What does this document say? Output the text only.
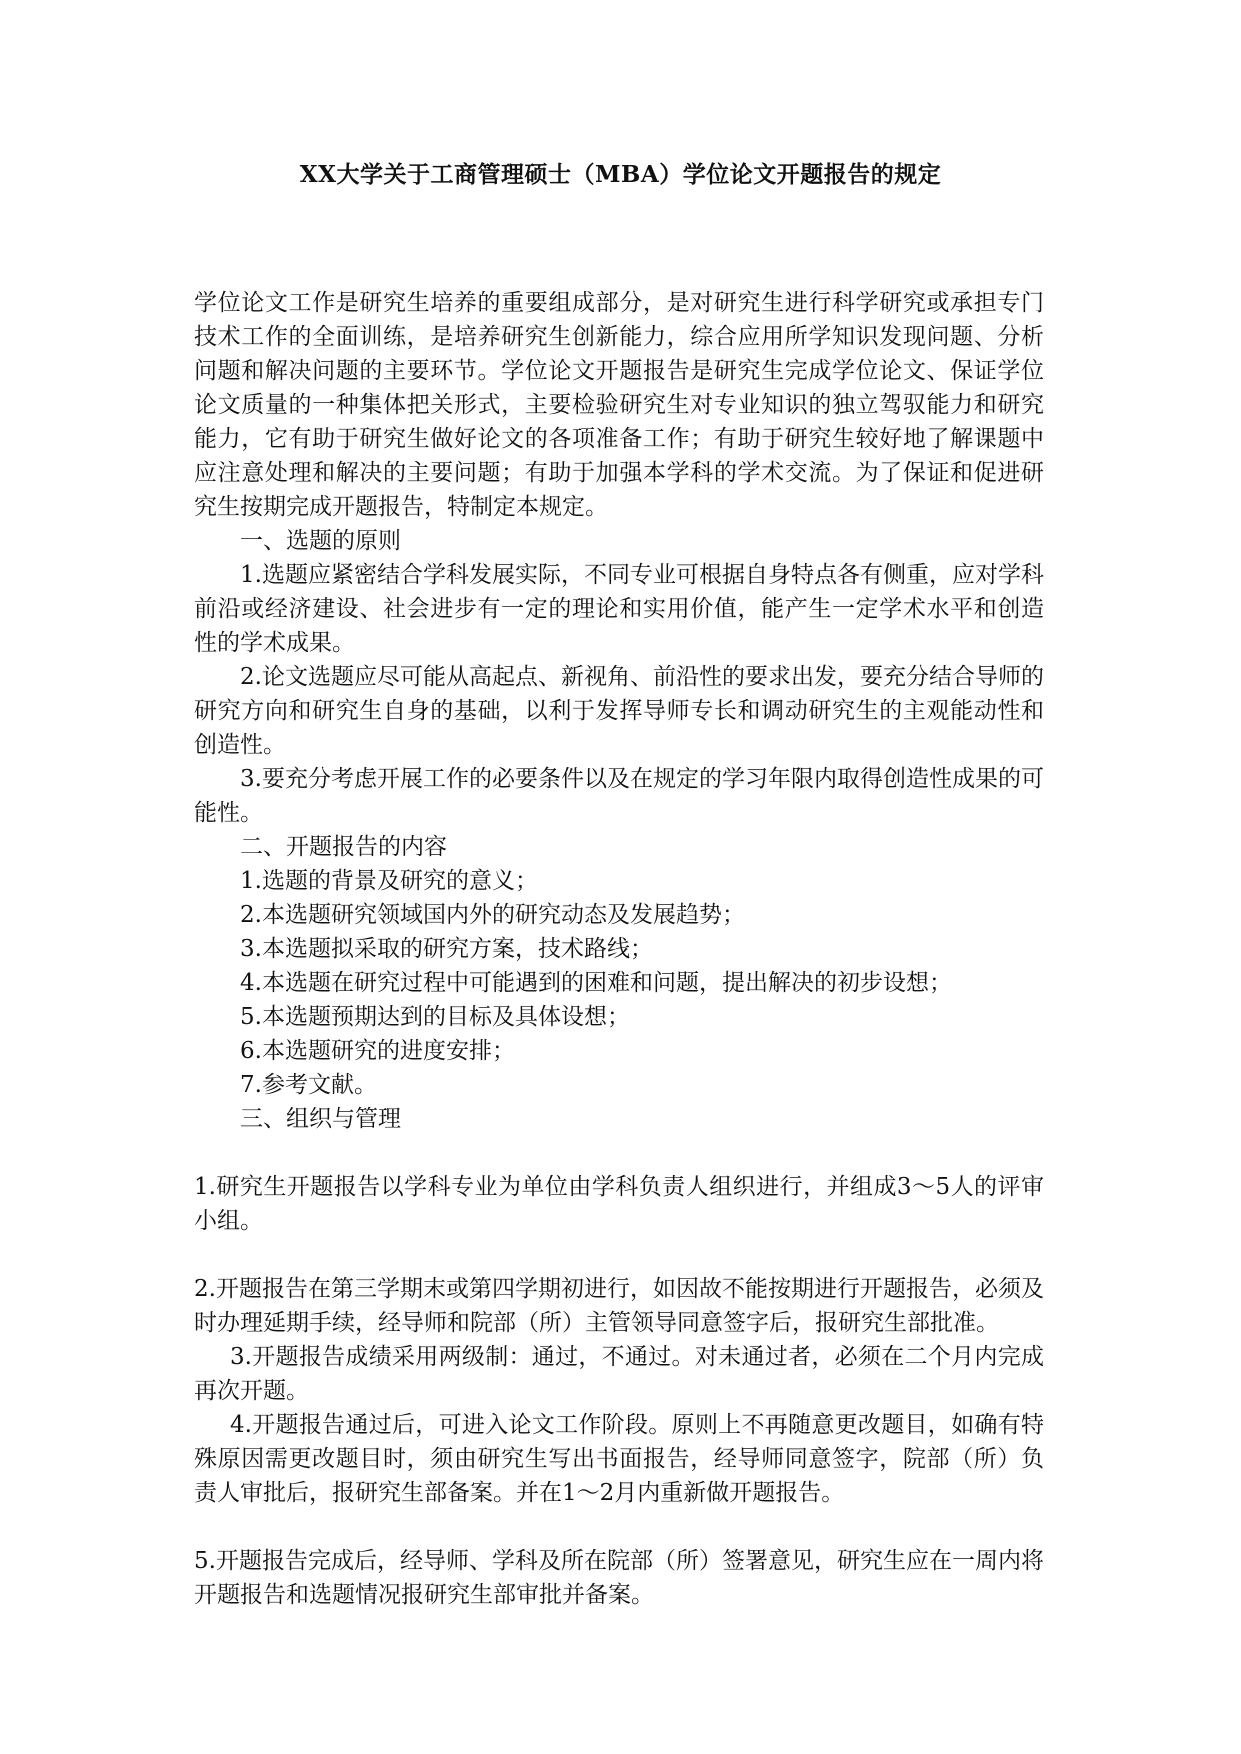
XX大学关于工商管理硕士（MBA）学位论文开题报告的规定

学位论文工作是研究生培养的重要组成部分，是对研究生进行科学研究或承担专门技术工作的全面训练，是培养研究生创新能力，综合应用所学知识发现问题、分析问题和解决问题的主要环节。学位论文开题报告是研究生完成学位论文、保证学位论文质量的一种集体把关形式，主要检验研究生对专业知识的独立驾驭能力和研究能力，它有助于研究生做好论文的各项准备工作；有助于研究生较好地了解课题中应注意处理和解决的主要问题；有助于加强本学科的学术交流。为了保证和促进研究生按期完成开题报告，特制定本规定。

一、选题的原则

1.选题应紧密结合学科发展实际，不同专业可根据自身特点各有侧重，应对学科前沿或经济建设、社会进步有一定的理论和实用价值，能产生一定学术水平和创造性的学术成果。

2.论文选题应尽可能从高起点、新视角、前沿性的要求出发，要充分结合导师的研究方向和研究生自身的基础，以利于发挥导师专长和调动研究生的主观能动性和创造性。

3.要充分考虑开展工作的必要条件以及在规定的学习年限内取得创造性成果的可能性。

二、开题报告的内容

1.选题的背景及研究的意义；

2.本选题研究领域国内外的研究动态及发展趋势；

3.本选题拟采取的研究方案，技术路线；

4.本选题在研究过程中可能遇到的困难和问题，提出解决的初步设想；

5.本选题预期达到的目标及具体设想；

6.本选题研究的进度安排；

7.参考文献。

三、组织与管理

1.研究生开题报告以学科专业为单位由学科负责人组织进行，并组成3～5人的评审小组。

2.开题报告在第三学期末或第四学期初进行，如因故不能按期进行开题报告，必须及时办理延期手续，经导师和院部（所）主管领导同意签字后，报研究生部批准。

3.开题报告成绩采用两级制：通过，不通过。对未通过者，必须在二个月内完成再次开题。

4.开题报告通过后，可进入论文工作阶段。原则上不再随意更改题目，如确有特殊原因需更改题目时，须由研究生写出书面报告，经导师同意签字，院部（所）负责人审批后，报研究生部备案。并在1～2月内重新做开题报告。

5.开题报告完成后，经导师、学科及所在院部（所）签署意见，研究生应在一周内将开题报告和选题情况报研究生部审批并备案。
